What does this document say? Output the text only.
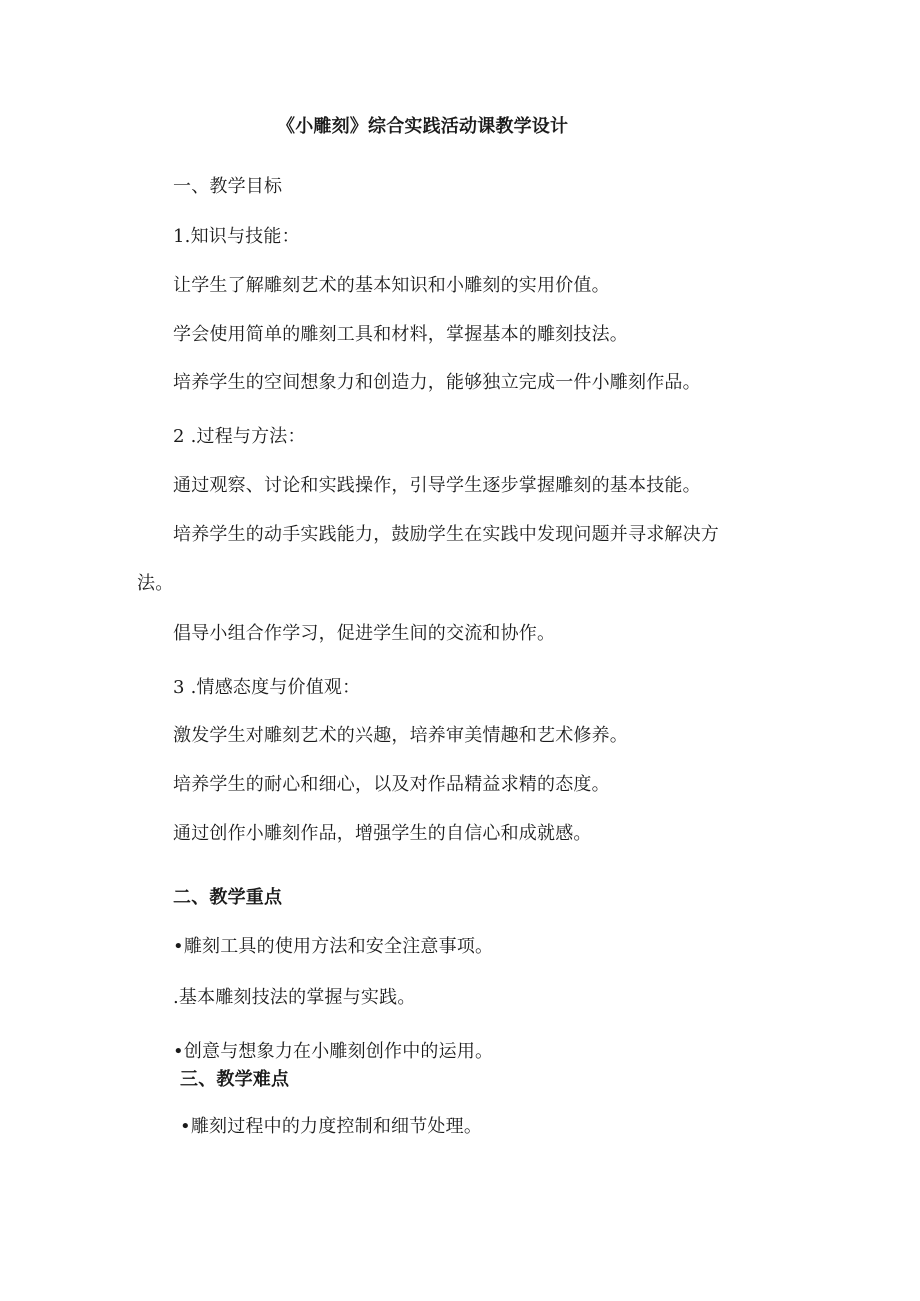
《小雕刻》综合实践活动课教学设计
一、教学目标
1.知识与技能：
让学生了解雕刻艺术的基本知识和小雕刻的实用价值。
学会使用简单的雕刻工具和材料，掌握基本的雕刻技法。
培养学生的空间想象力和创造力，能够独立完成一件小雕刻作品。
2 .过程与方法：
通过观察、讨论和实践操作，引导学生逐步掌握雕刻的基本技能。
培养学生的动手实践能力，鼓励学生在实践中发现问题并寻求解决方
法。
倡导小组合作学习，促进学生间的交流和协作。
3 .情感态度与价值观：
激发学生对雕刻艺术的兴趣，培养审美情趣和艺术修养。
培养学生的耐心和细心，以及对作品精益求精的态度。
通过创作小雕刻作品，增强学生的自信心和成就感。
二、教学重点
•雕刻工具的使用方法和安全注意事项。
.基本雕刻技法的掌握与实践。
•创意与想象力在小雕刻创作中的运用。
三、教学难点
•雕刻过程中的力度控制和细节处理。
